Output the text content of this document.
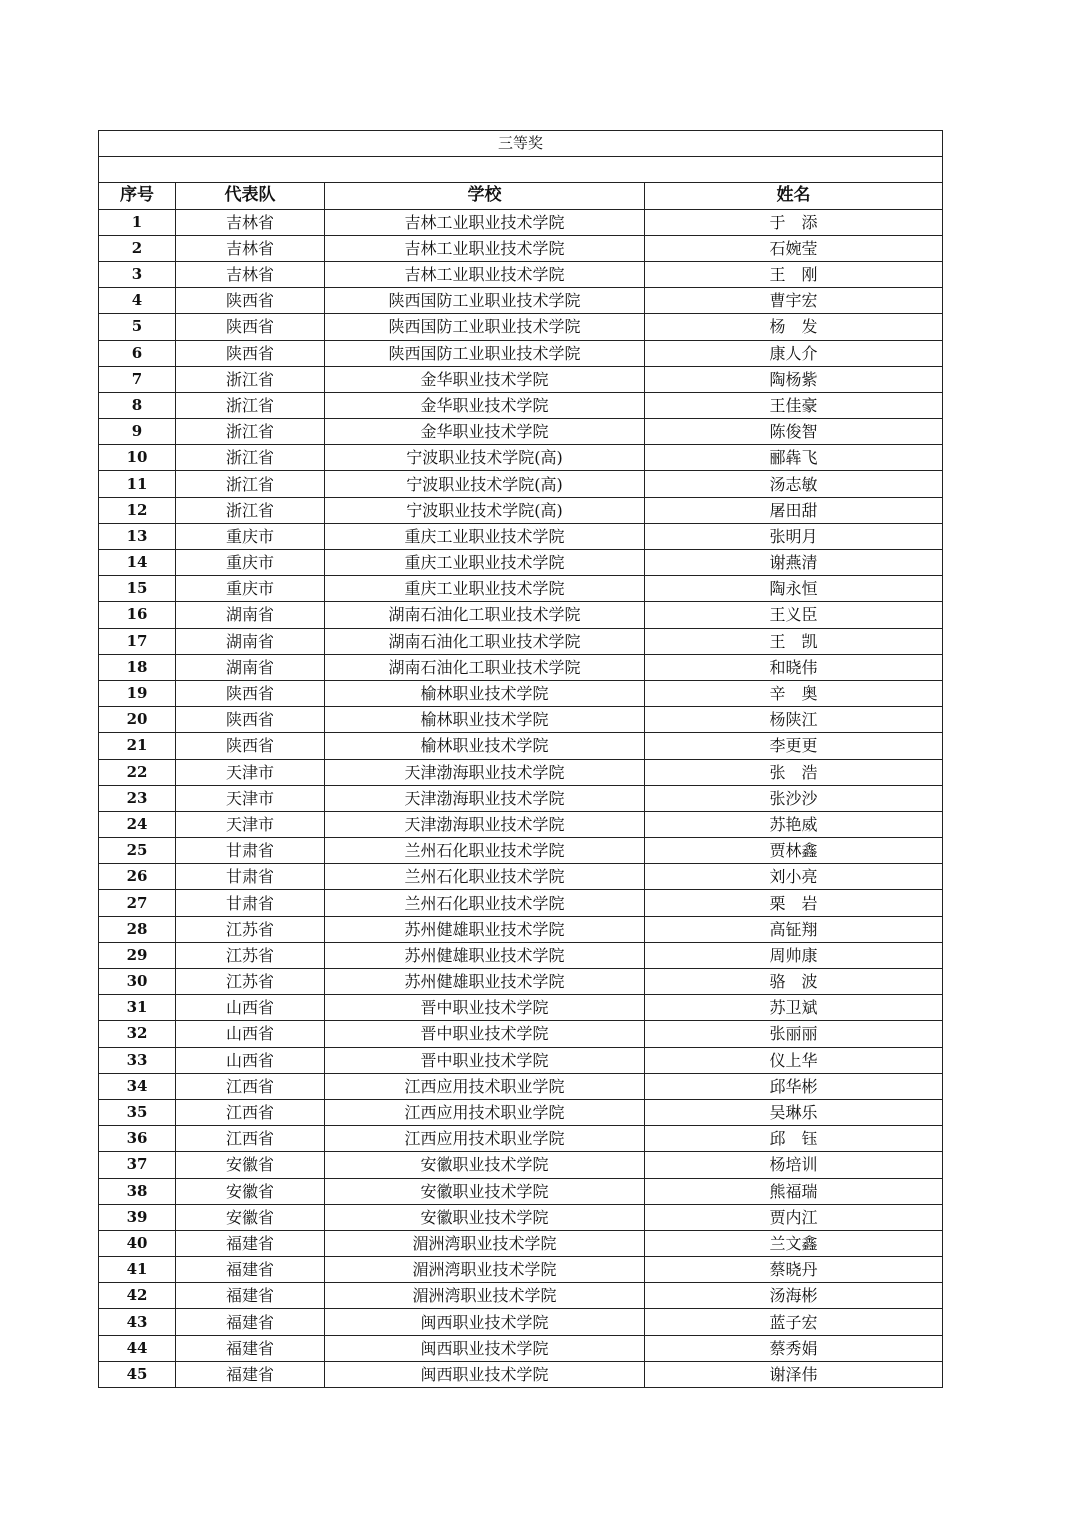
三等奖			

序号	代表队	学校	姓名
1	吉林省	吉林工业职业技术学院	于　添
2	吉林省	吉林工业职业技术学院	石婉莹
3	吉林省	吉林工业职业技术学院	王　刚
4	陕西省	陕西国防工业职业技术学院	曹宇宏
5	陕西省	陕西国防工业职业技术学院	杨　发
6	陕西省	陕西国防工业职业技术学院	康人介
7	浙江省	金华职业技术学院	陶杨紫
8	浙江省	金华职业技术学院	王佳豪
9	浙江省	金华职业技术学院	陈俊智
10	浙江省	宁波职业技术学院(高)	郦犇飞
11	浙江省	宁波职业技术学院(高)	汤志敏
12	浙江省	宁波职业技术学院(高)	屠田甜
13	重庆市	重庆工业职业技术学院	张明月
14	重庆市	重庆工业职业技术学院	谢燕清
15	重庆市	重庆工业职业技术学院	陶永恒
16	湖南省	湖南石油化工职业技术学院	王义臣
17	湖南省	湖南石油化工职业技术学院	王　凯
18	湖南省	湖南石油化工职业技术学院	和晓伟
19	陕西省	榆林职业技术学院	辛　奥
20	陕西省	榆林职业技术学院	杨陕江
21	陕西省	榆林职业技术学院	李更更
22	天津市	天津渤海职业技术学院	张　浩
23	天津市	天津渤海职业技术学院	张沙沙
24	天津市	天津渤海职业技术学院	苏艳威
25	甘肃省	兰州石化职业技术学院	贾林鑫
26	甘肃省	兰州石化职业技术学院	刘小亮
27	甘肃省	兰州石化职业技术学院	栗　岩
28	江苏省	苏州健雄职业技术学院	高钲翔
29	江苏省	苏州健雄职业技术学院	周帅康
30	江苏省	苏州健雄职业技术学院	骆　波
31	山西省	晋中职业技术学院	苏卫斌
32	山西省	晋中职业技术学院	张丽丽
33	山西省	晋中职业技术学院	仪上华
34	江西省	江西应用技术职业学院	邱华彬
35	江西省	江西应用技术职业学院	吴琳乐
36	江西省	江西应用技术职业学院	邱　钰
37	安徽省	安徽职业技术学院	杨培训
38	安徽省	安徽职业技术学院	熊福瑞
39	安徽省	安徽职业技术学院	贾内江
40	福建省	湄洲湾职业技术学院	兰文鑫
41	福建省	湄洲湾职业技术学院	蔡晓丹
42	福建省	湄洲湾职业技术学院	汤海彬
43	福建省	闽西职业技术学院	蓝子宏
44	福建省	闽西职业技术学院	蔡秀娟
45	福建省	闽西职业技术学院	谢泽伟
